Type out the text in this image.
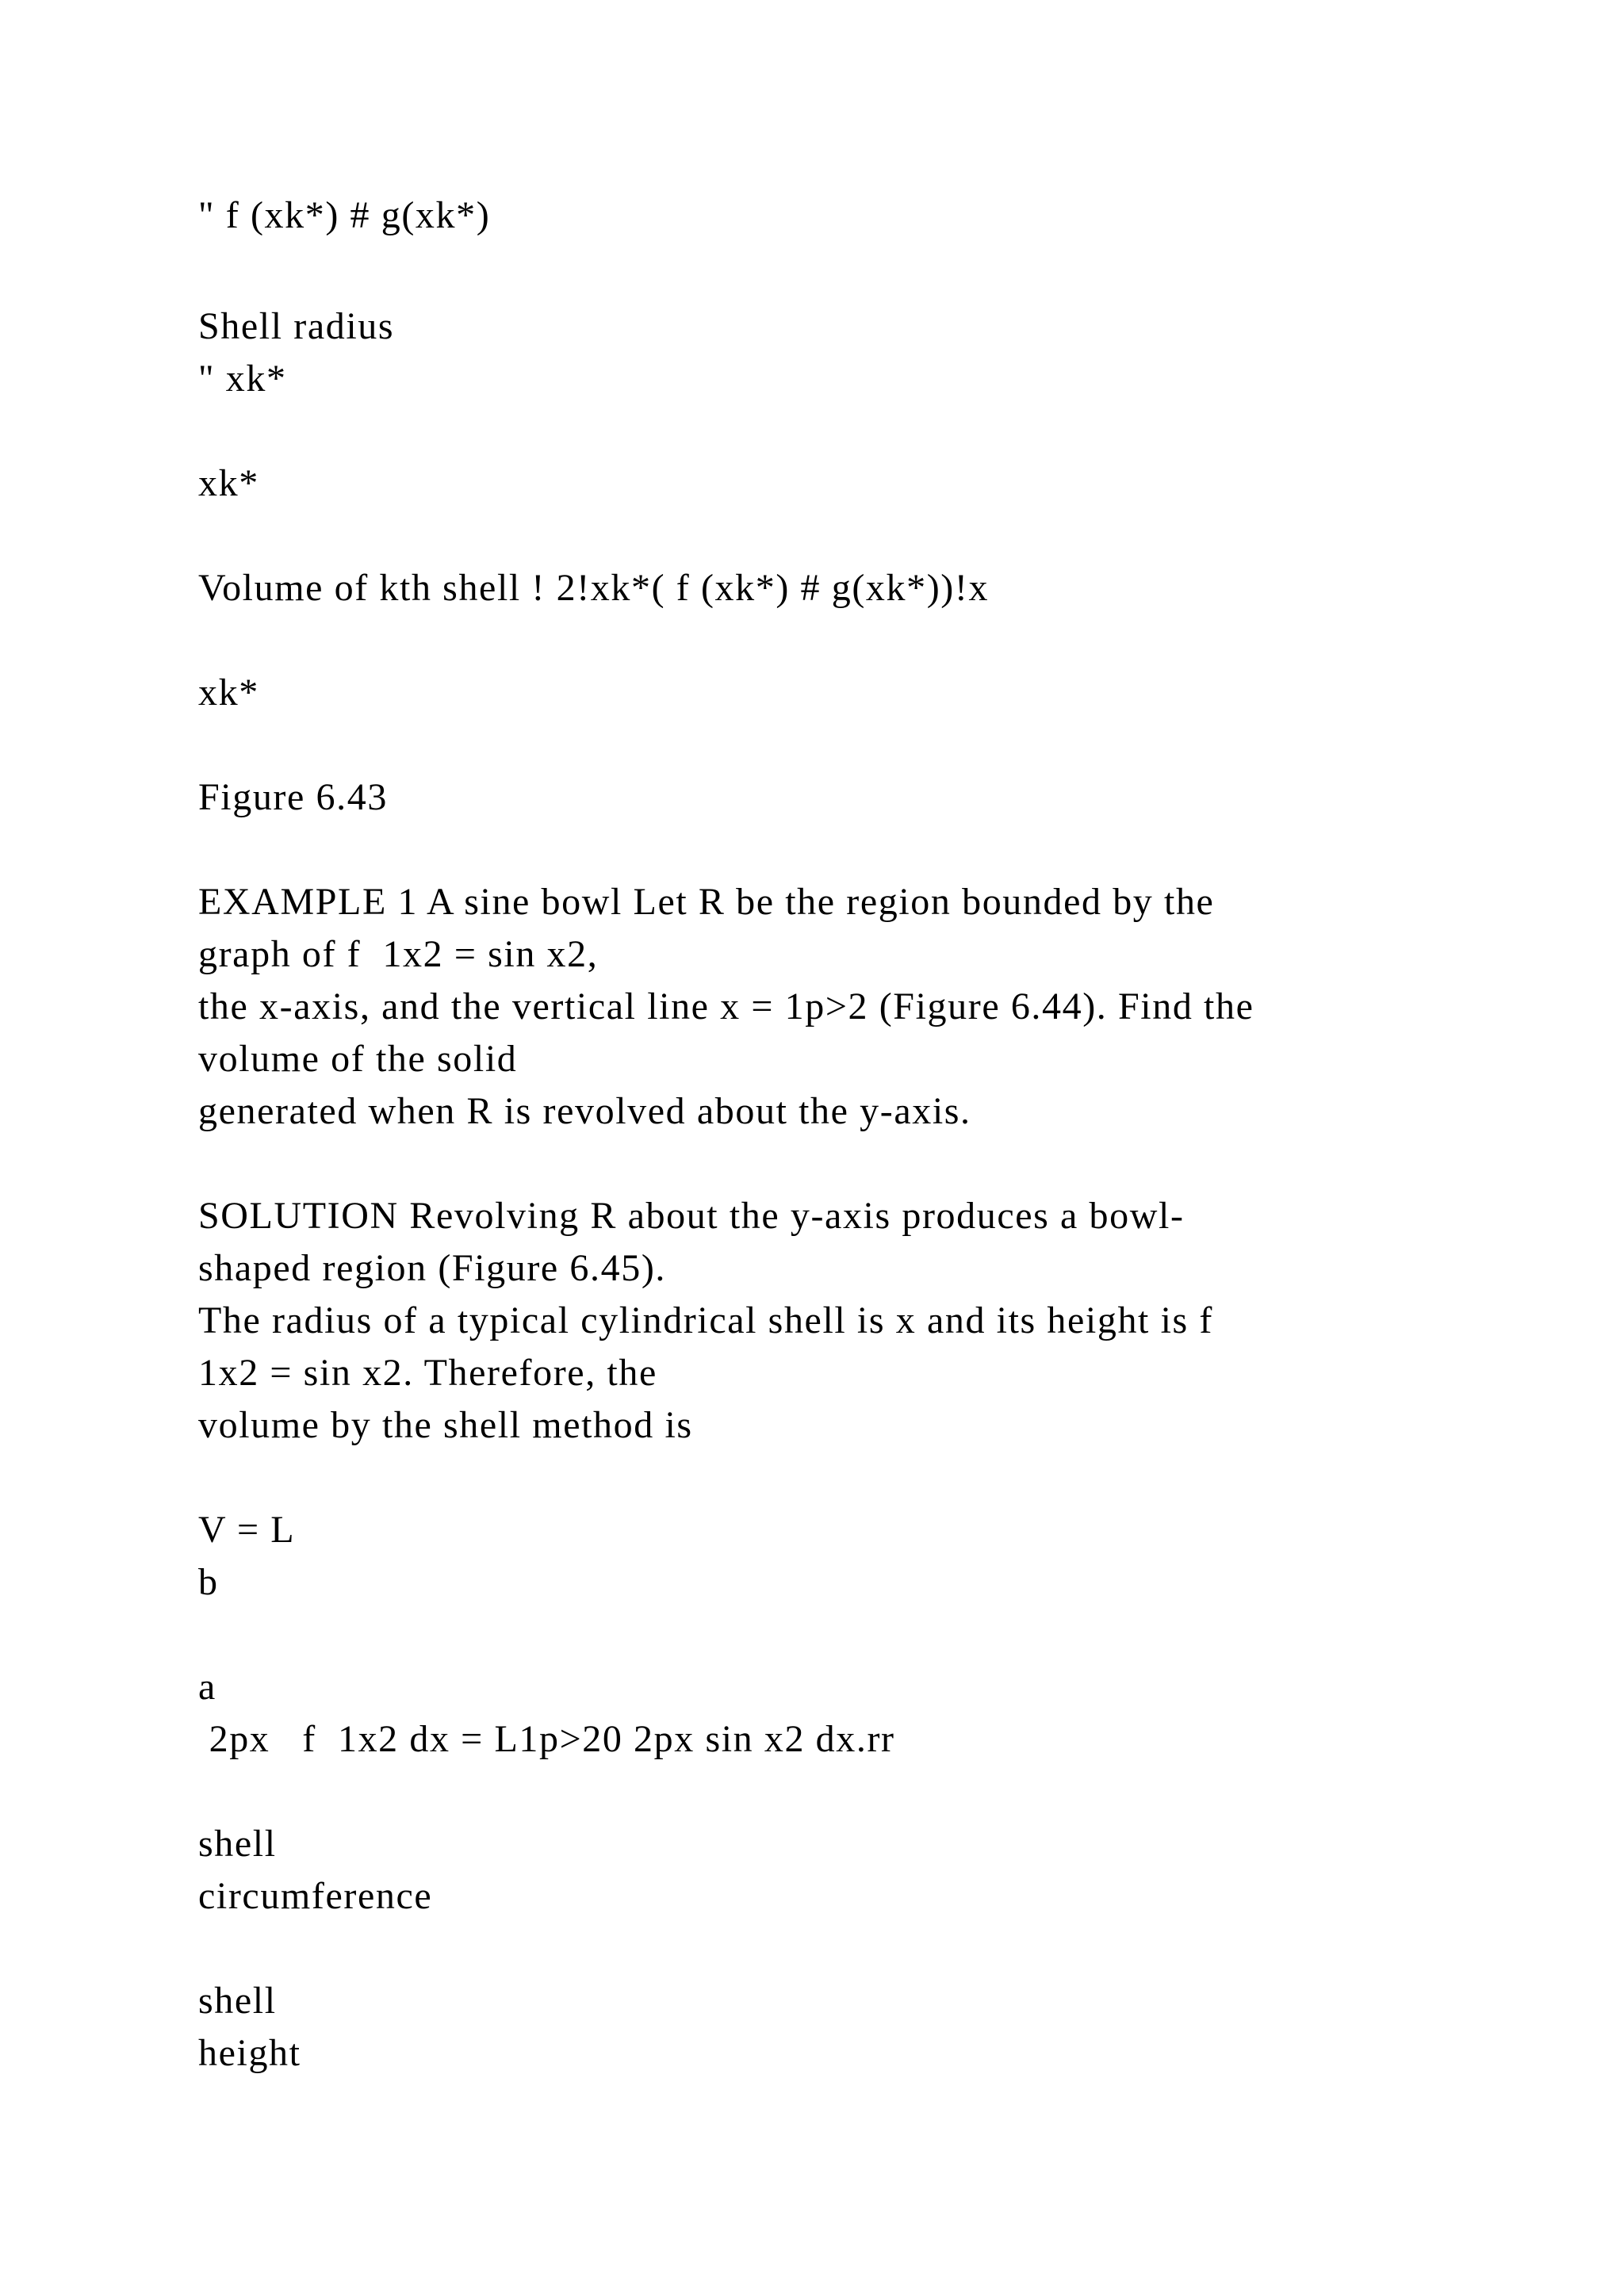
" f (xk*) # g(xk*)
Shell radius
" xk*
xk*
Volume of kth shell ! 2!xk*( f (xk*) # g(xk*))!x
xk*
Figure 6.43
EXAMPLE 1 A sine bowl Let R be the region bounded by the
graph of f  1x2 = sin x2,
the x-axis, and the vertical line x = 1p>2 (Figure 6.44). Find the
volume of the solid
generated when R is revolved about the y-axis.
SOLUTION Revolving R about the y-axis produces a bowl-
shaped region (Figure 6.45).
The radius of a typical cylindrical shell is x and its height is f
1x2 = sin x2. Therefore, the
volume by the shell method is
V = L
b
a
2px   f  1x2 dx = L1p>20 2px sin x2 dx.rr
shell
circumference
shell
height
